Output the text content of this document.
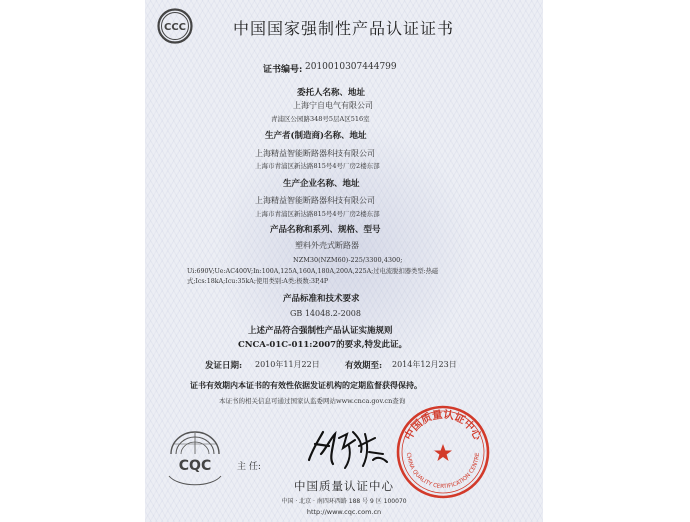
CCC	中国国家强制性产品认证证书
证书编号: 2010010307444799
委托人名称、地址
上海宁自电气有限公司
青浦区公园路348号5层A区516室
生产者(制造商)名称、地址
上海精益智能断路器科技有限公司
上海市青浦区新达路815号4号厂房2楼东部
生产企业名称、地址
上海精益智能断路器科技有限公司
上海市青浦区新达路815号4号厂房2楼东部
产品名称和系列、规格、型号
塑料外壳式断路器
NZM30(NZM60)-225/3300,4300;
Ui:690V;Ue:AC400V;In:100A,125A,160A,180A,200A,225A;过电流脱扣器类型:热磁
式;Ics:18kA;Icu:35kA;使用类别:A类;极数:3P,4P
产品标准和技术要求
GB 14048.2-2008
上述产品符合强制性产品认证实施规则
CNCA-01C-011:2007的要求,特发此证。
发证日期: 2010年11月22日	有效期至: 2014年12月23日
证书有效期内本证书的有效性依据发证机构的定期监督获得保持。
本证书的相关信息可通过国家认监委网站www.cnca.gov.cn查询
CQC	主 任:
中国质量认证中心
CHINA QUALITY CERTIFICATION CENTRE
中国质量认证中心
中国 · 北京 · 南四环西路 188 号 9 区 100070
http://www.cqc.com.cn
